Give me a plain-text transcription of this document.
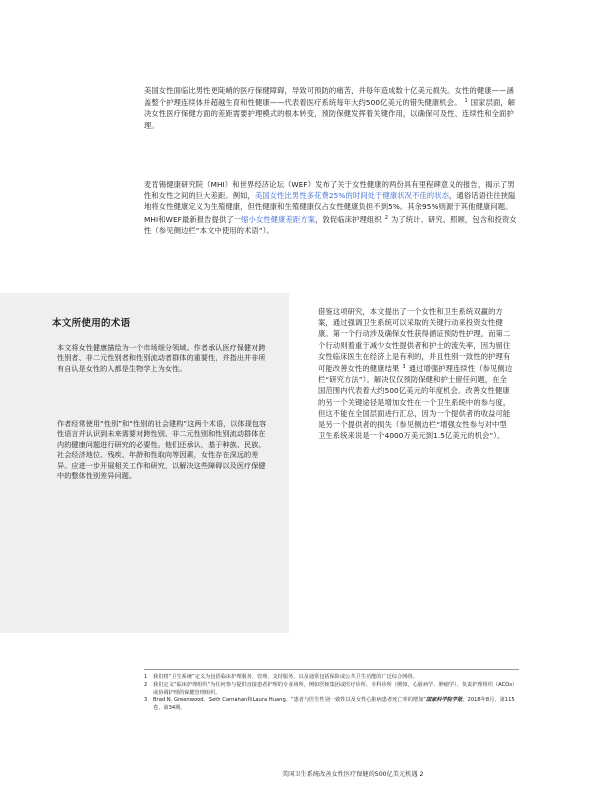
美国女性面临比男性更陡峭的医疗保健障碍，导致可预防的痛苦，并每年造成数十亿美元损失。女性的健康——涵盖整个护理连续体并超越生育和性健康——代表着医疗系统每年大约500亿美元的错失健康机会。 $^1$ 国家层面，解决女性医疗保健方面的差距需要护理模式的根本转变，预防保健发挥着关键作用，以确保可及性、连续性和全面护理。

麦肯锡健康研究院（MHI）和世界经济论坛（WEF）发布了关于女性健康的两份具有里程碑意义的报告，揭示了男性和女性之间的巨大差距。例如，美国女性比男性多花费25%的时间处于健康状况不佳的状态，通俗话语往往狭隘地将女性健康定义为生殖健康，但性健康和生殖健康仅占女性健康负担不到5%。其余95%则源于其他健康问题。MHI和WEF最新报告提供了一缩小女性健康差距方案，敦促临床护理组织 $^2$ 为了统计、研究、照顾，包含和投资女性（参见侧边栏“本文中使用的术语”）。

本文所使用的术语
本文将女性健康描绘为一个市场细分领域。作者承认医疗保健对跨性别者、非二元性别者和性别流动者群体的重要性，并指出并非所有自认是女性的人都是生物学上为女性。
作者经常使用“性别”和“性别的社会建构”这两个术语，以体现包容性语言并认识到未来需要对跨性别、非二元性别和性别流动群体在内的健康问题进行研究的必要性。他们还承认，基于种族、民族、社会经济地位、残疾、年龄和性取向等因素，女性存在深远的差异。应进一步开展相关工作和研究，以解决这些障碍以及医疗保健中的整体性别差异问题。

借鉴这项研究，本文提出了一个女性和卫生系统双赢的方案，通过强调卫生系统可以采取的关键行动来投资女性健康。第一个行动涉及确保女性获得循证预防性护理，而第二个行动则着重于减少女性提供者和护士的流失率，因为留住女性临床医生在经济上是有利的，并且性别一致性的护理有可能改善女性的健康结果 $^3$ 通过增强护理连续性（参见侧边栏“研究方法”）。解决仅仅预防保健和护士留任问题，在全国范围内代表着大约500亿美元的年度机会。改善女性健康的另一个关键途径是增加女性在一个卫生系统中的参与度，但这不能在全国层面进行汇总，因为一个提供者的收益可能是另一个提供者的损失（参见侧边栏“增强女性参与对中型卫生系统来说是一个4000万美元到1.5亿美元的机会”）。

1	我们将“卫生系统”定义为包括临床护理服务、管理、支持服务，以及通常包括保险或公共卫生功能的广泛综合网络。
2	我们定义“临床护理组织”为任何参与提供直接患者护理的专业场所，例如医师集团或医疗诊所、专科诊所（例如，心脏病学、肿瘤学）、负责护理组织（ACOs）或协调护理的保健管理组织。
3	Brad N. Greenwood、Seth Carnahan和Laura Huang，“患者与医生性别一致性以及女性心脏病患者死亡率的增加”国家科学院学报，2018年8月，第115卷，第34期。
美国卫生系统改善女性医疗保健的500亿美元机遇 2
